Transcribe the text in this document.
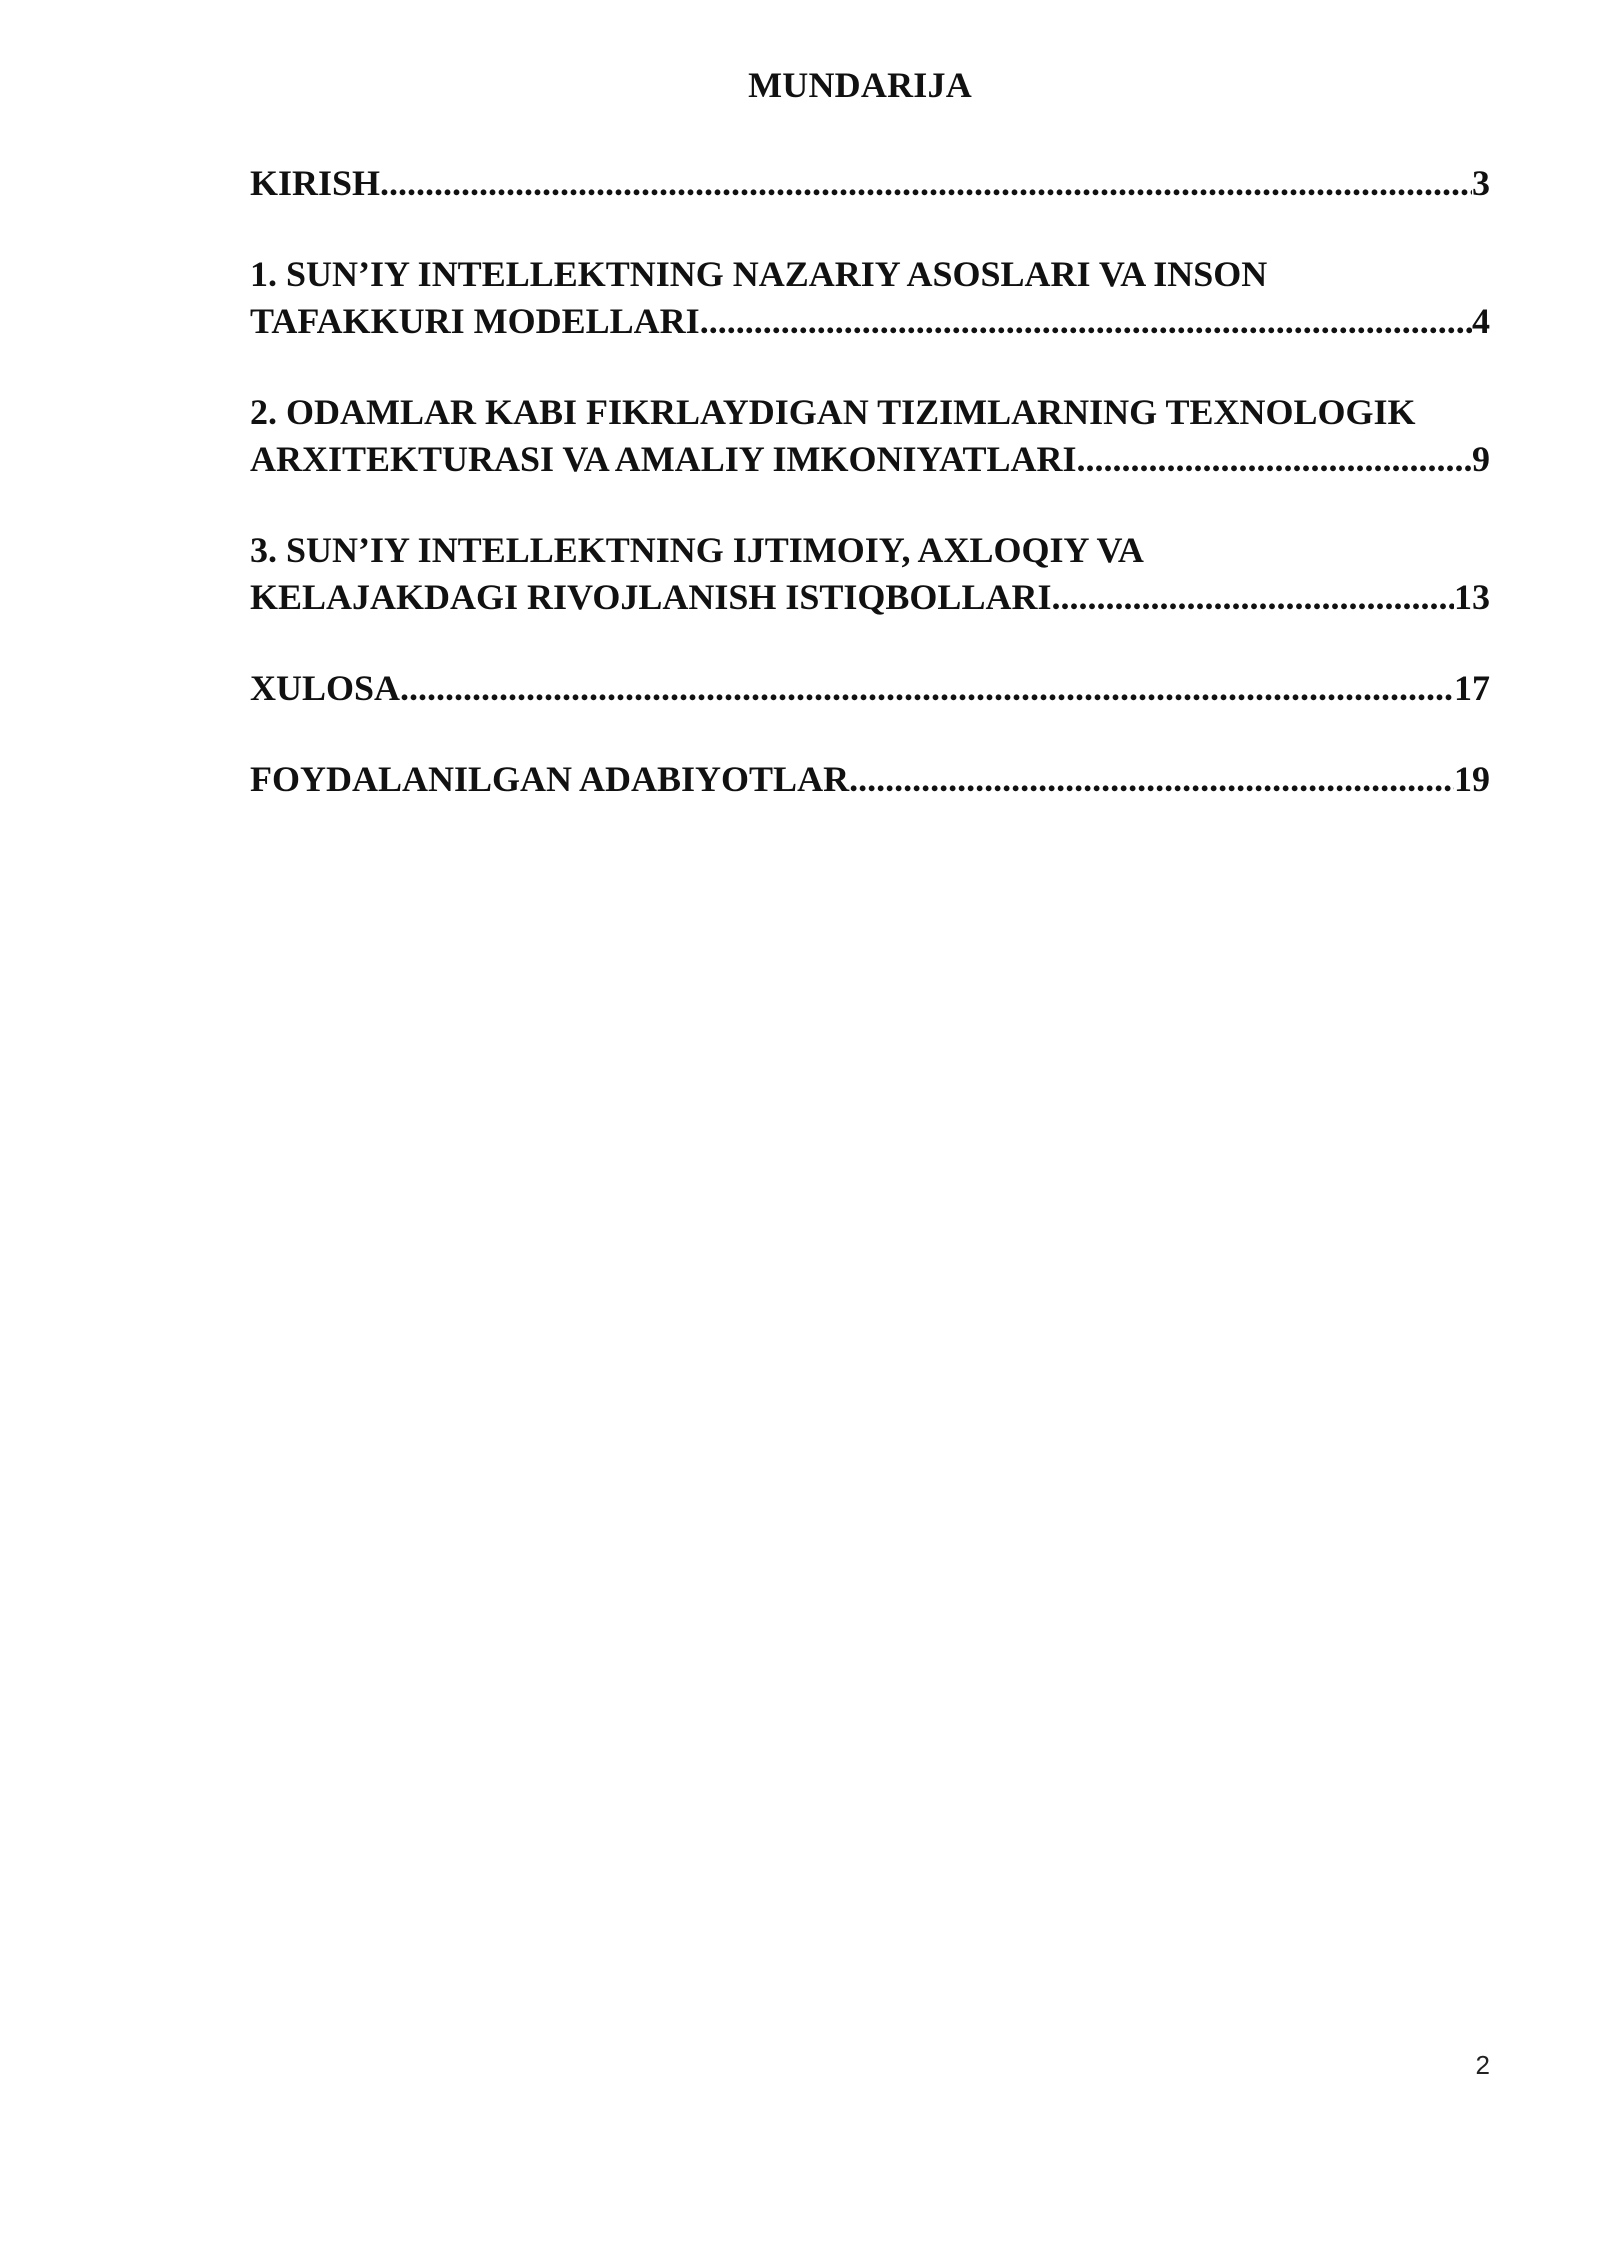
MUNDARIJA
KIRISH .....	3
1. SUN’IY INTELLEKTNING NAZARIY ASOSLARI VA INSON
TAFAKKURI MODELLARI .....	4
2. ODAMLAR KABI FIKRLAYDIGAN TIZIMLARNING TEXNOLOGIK
ARXITEKTURASI VA AMALIY IMKONIYATLARI .....	9
3. SUN’IY INTELLEKTNING IJTIMOIY, AXLOQIY VA
KELAJAKDAGI RIVOJLANISH ISTIQBOLLARI .....	13
XULOSA .....	17
FOYDALANILGAN ADABIYOTLAR .....	19
2
